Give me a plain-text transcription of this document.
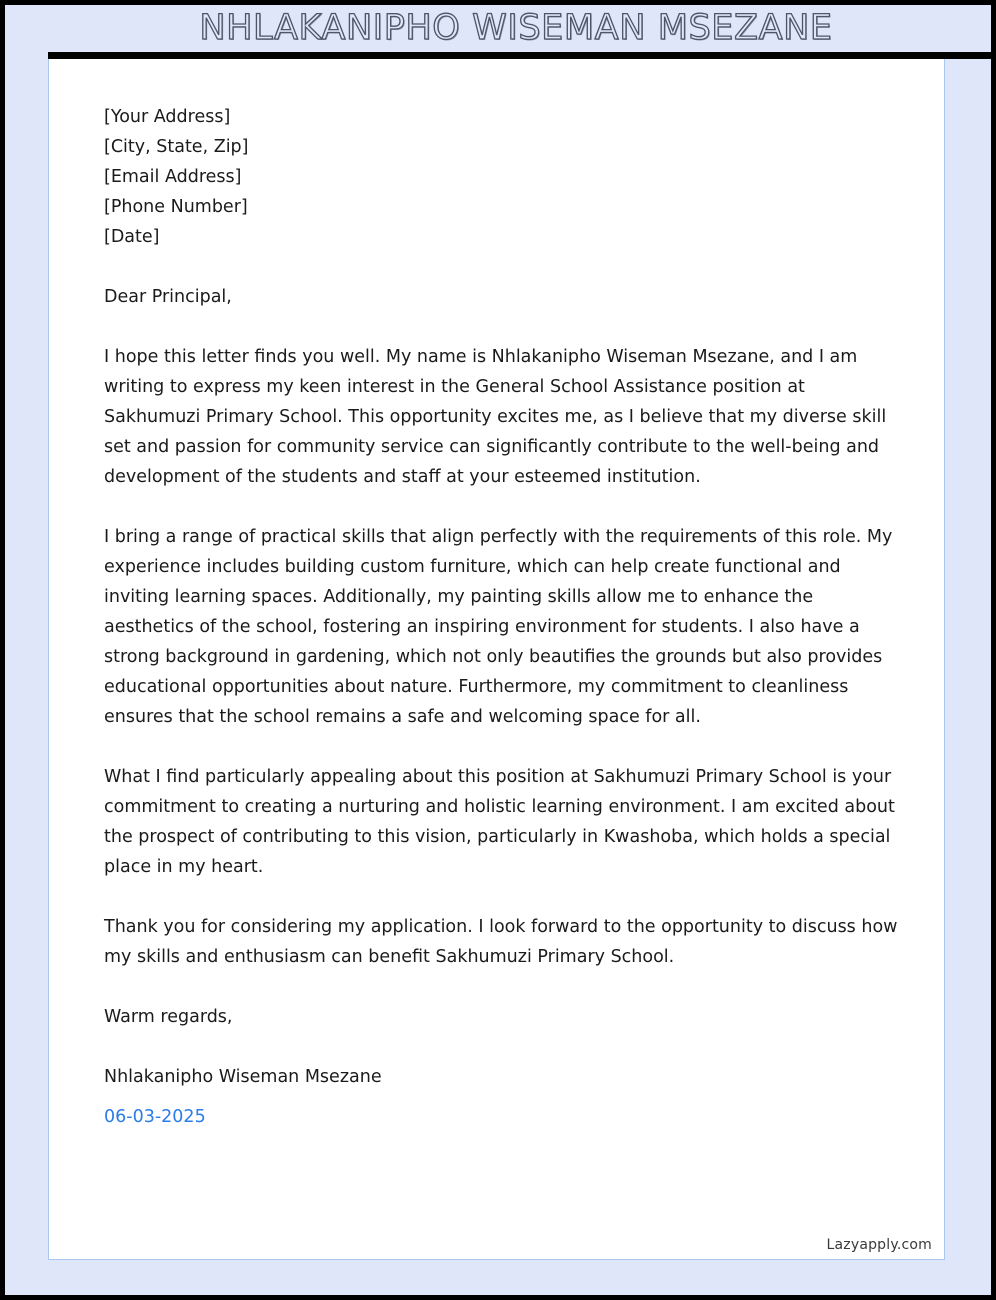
NHLAKANIPHO WISEMAN MSEZANE
[Your Address]
[City, State, Zip]
[Email Address]
[Phone Number]
[Date]

Dear Principal,

I hope this letter finds you well. My name is Nhlakanipho Wiseman Msezane, and I am writing to express my keen interest in the General School Assistance position at Sakhumuzi Primary School. This opportunity excites me, as I believe that my diverse skill set and passion for community service can significantly contribute to the well-being and development of the students and staff at your esteemed institution.

I bring a range of practical skills that align perfectly with the requirements of this role. My experience includes building custom furniture, which can help create functional and inviting learning spaces. Additionally, my painting skills allow me to enhance the aesthetics of the school, fostering an inspiring environment for students. I also have a strong background in gardening, which not only beautifies the grounds but also provides educational opportunities about nature. Furthermore, my commitment to cleanliness ensures that the school remains a safe and welcoming space for all.

What I find particularly appealing about this position at Sakhumuzi Primary School is your commitment to creating a nurturing and holistic learning environment. I am excited about the prospect of contributing to this vision, particularly in Kwashoba, which holds a special place in my heart.

Thank you for considering my application. I look forward to the opportunity to discuss how my skills and enthusiasm can benefit Sakhumuzi Primary School.

Warm regards,

Nhlakanipho Wiseman Msezane

06-03-2025

Lazyapply.com
